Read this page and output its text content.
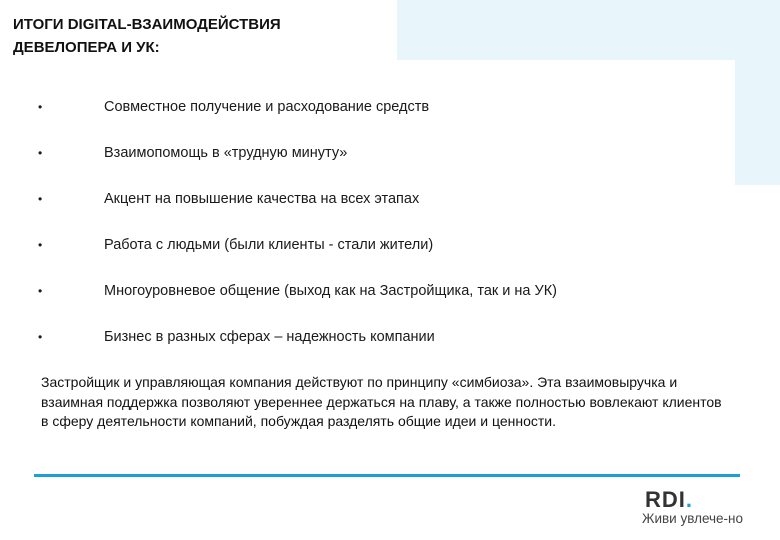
ИТОГИ DIGITAL-ВЗАИМОДЕЙСТВИЯ
ДЕВЕЛОПЕРА И УК:
•	Совместное получение и расходование средств
•	Взаимопомощь в «трудную минуту»
•	Акцент на повышение качества на всех этапах
•	Работа с людьми (были клиенты - стали жители)
•	Многоуровневое общение (выход как на Застройщика, так и на УК)
•	Бизнес в разных сферах – надежность компании
Застройщик и управляющая компания действуют по принципу «симбиоза». Эта взаимовыручка и взаимная поддержка позволяют увереннее держаться на плаву, а также полностью вовлекают клиентов в сферу деятельности компаний, побуждая разделять общие идеи и ценности.
RDI.
Живи увлече-но
